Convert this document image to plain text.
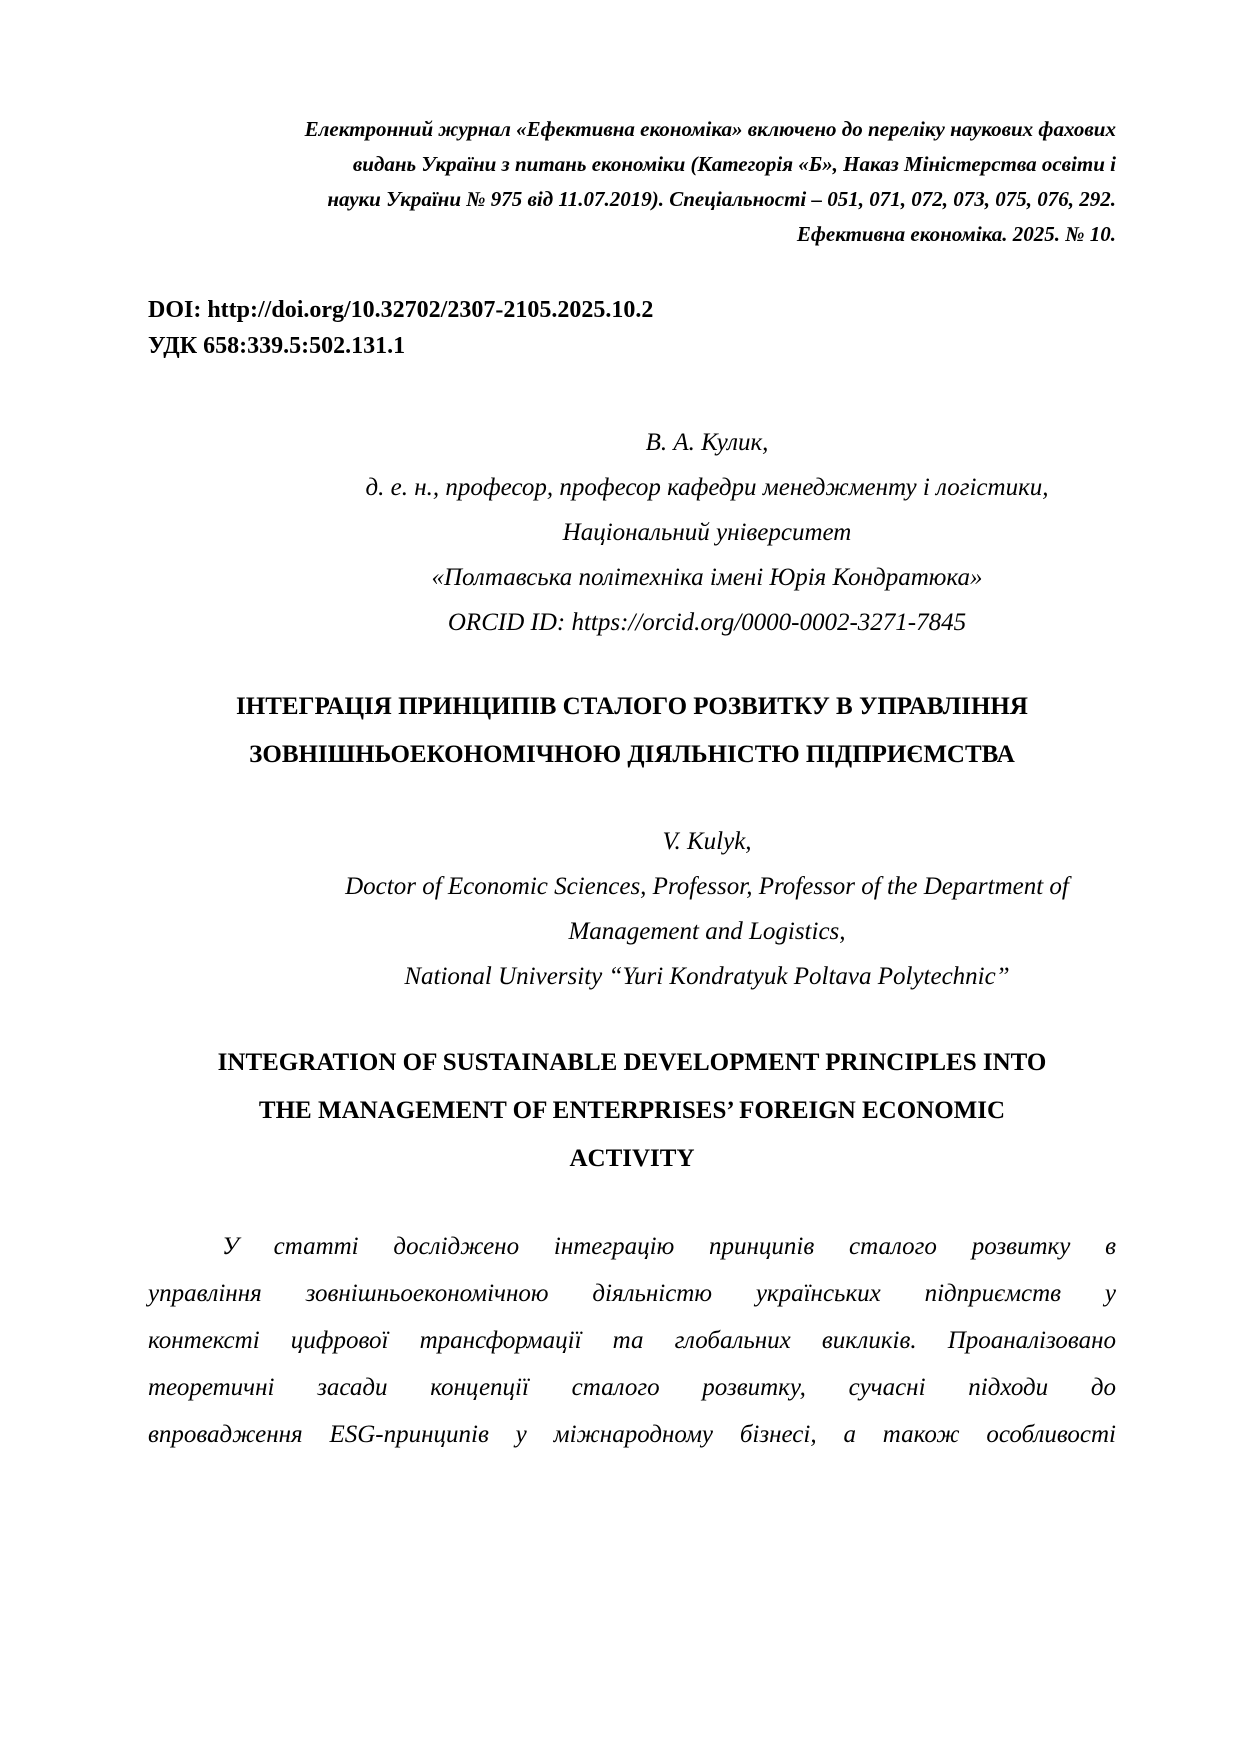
Електронний журнал «Ефективна економіка» включено до переліку наукових фахових
видань України з питань економіки (Категорія «Б», Наказ Міністерства освіти і
науки України № 975 від 11.07.2019). Спеціальності – 051, 071, 072, 073, 075, 076, 292.
Ефективна економіка. 2025. № 10.
DOI: http://doi.org/10.32702/2307-2105.2025.10.2
УДК 658:339.5:502.131.1
В. А. Кулик,
д. е. н., професор, професор кафедри менеджменту і логістики,
Національний університет
«Полтавська політехніка імені Юрія Кондратюка»
ORCID ID: https://orcid.org/0000-0002-3271-7845
ІНТЕГРАЦІЯ ПРИНЦИПІВ СТАЛОГО РОЗВИТКУ В УПРАВЛІННЯ
ЗОВНІШНЬОЕКОНОМІЧНОЮ ДІЯЛЬНІСТЮ ПІДПРИЄМСТВА
V. Kulyk,
Doctor of Economic Sciences, Professor, Professor of the Department of
Management and Logistics,
National University “Yuri Kondratyuk Poltava Polytechnic”
INTEGRATION OF SUSTAINABLE DEVELOPMENT PRINCIPLES INTO
THE MANAGEMENT OF ENTERPRISES’ FOREIGN ECONOMIC
ACTIVITY
У статті досліджено інтеграцію принципів сталого розвитку в
управління зовнішньоекономічною діяльністю українських підприємств у
контексті цифрової трансформації та глобальних викликів. Проаналізовано
теоретичні засади концепції сталого розвитку, сучасні підходи до
впровадження ESG-принципів у міжнародному бізнесі, а також особливості
